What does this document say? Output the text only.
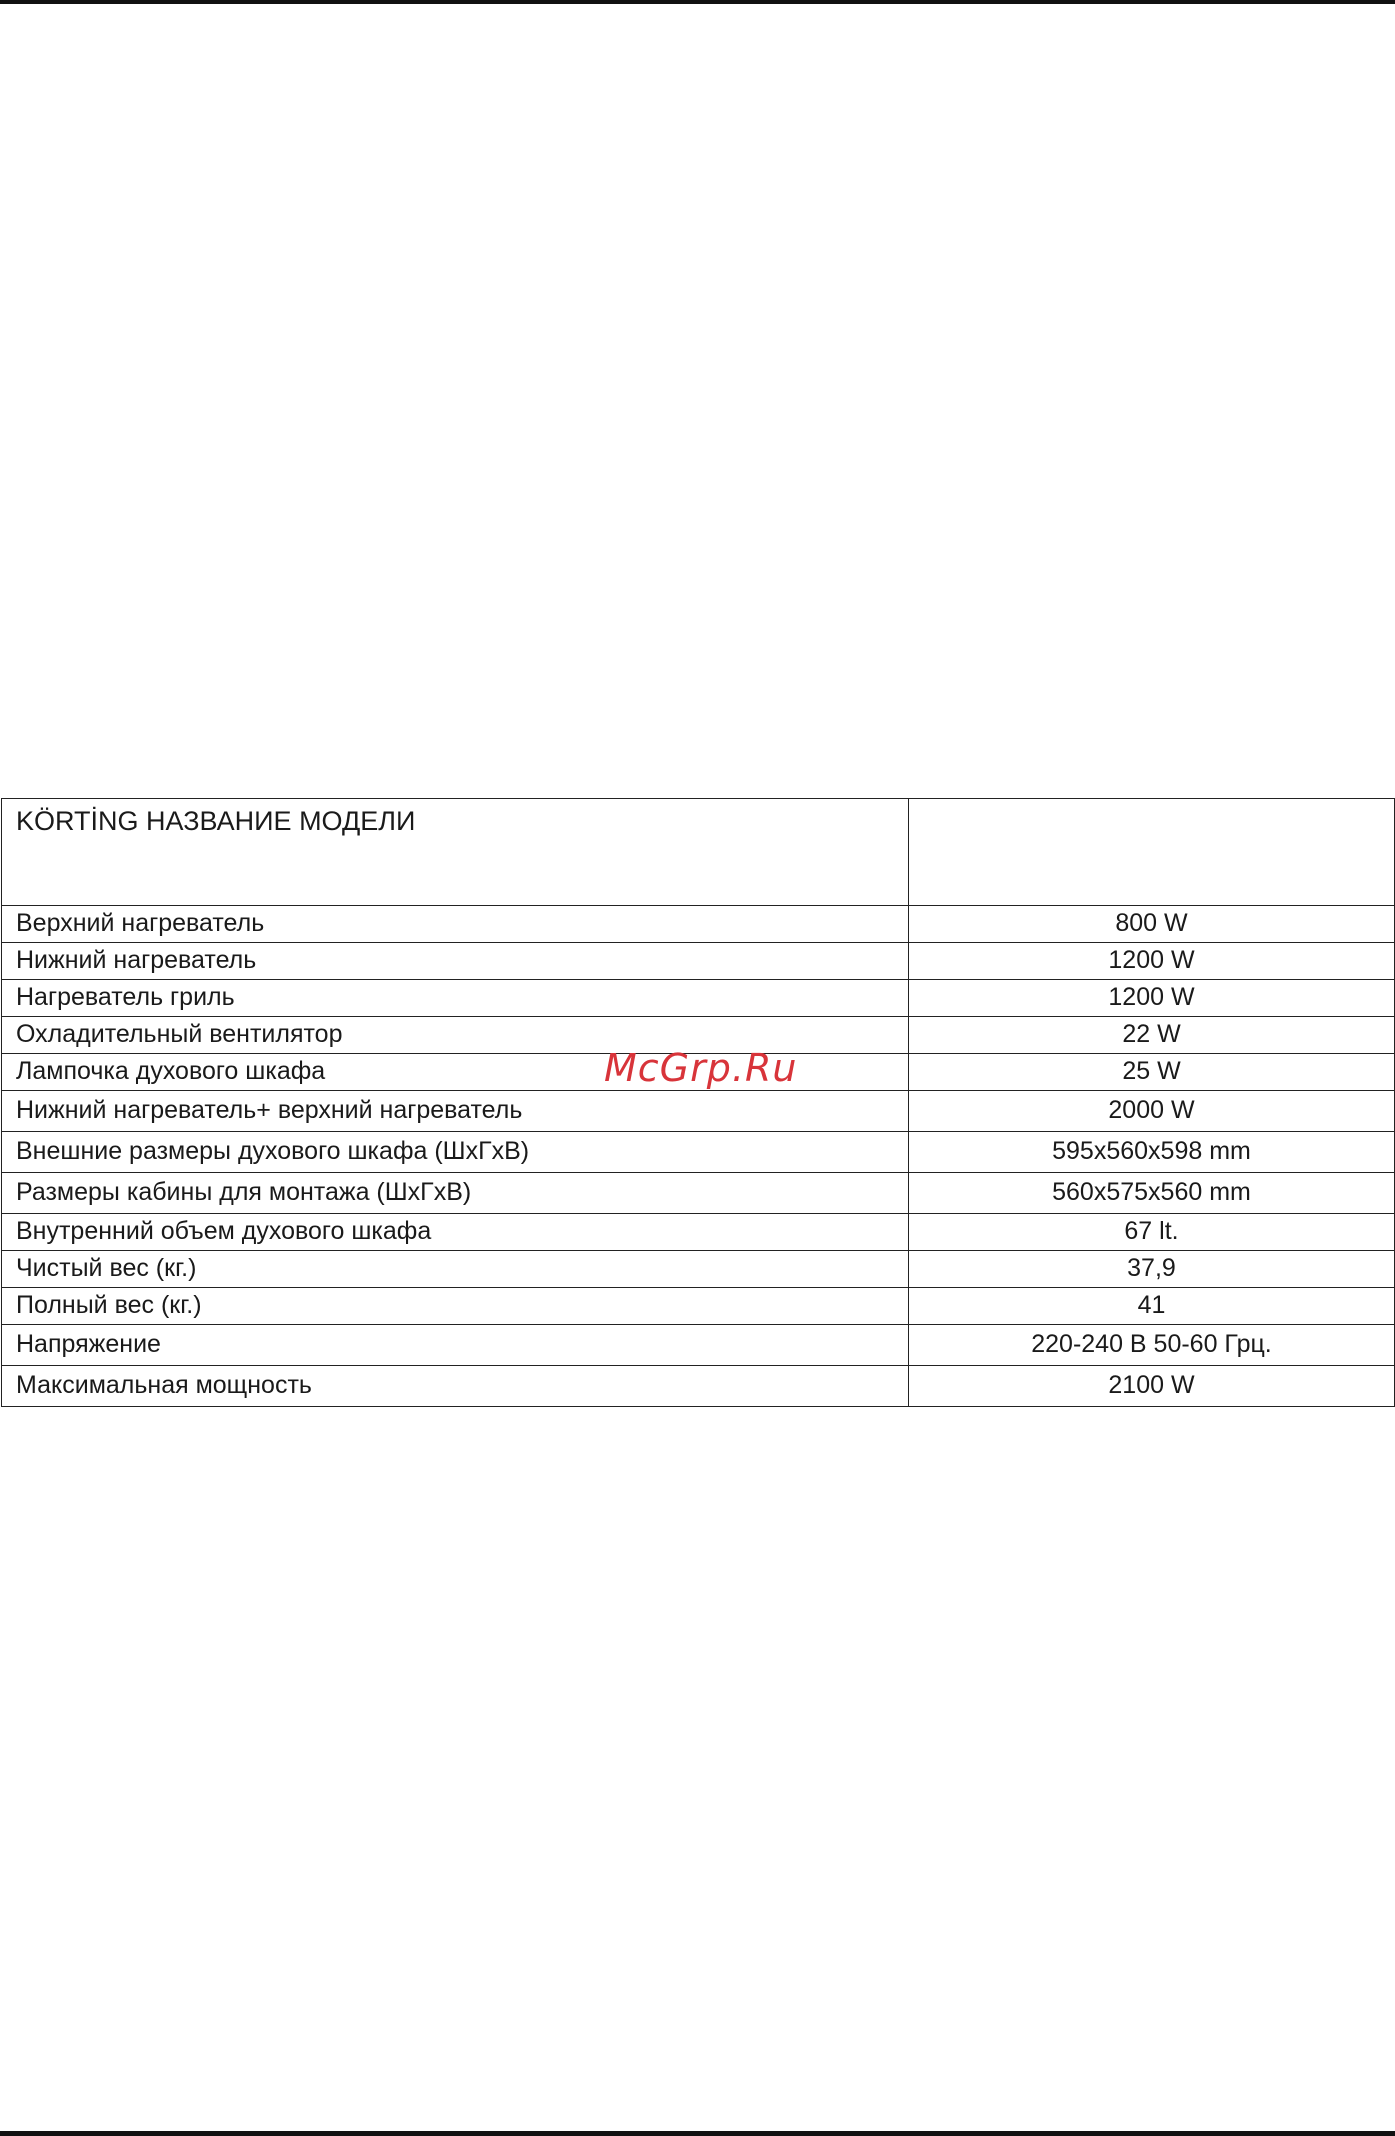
KÖRTİNG НАЗВАНИЕ МОДЕЛИ	
Верхний нагреватель	800 W
Нижний нагреватель	1200 W
Нагреватель гриль	1200 W
Охладительный вентилятор	22 W
Лампочка духового шкафа	25 W
Нижний нагреватель+ верхний нагреватель	2000 W
Внешние размеры духового шкафа (ШхГхВ)	595x560x598 mm
Размеры кабины для монтажа (ШхГхВ)	560x575x560 mm
Внутренний объем духового шкафа	67 lt.
Чистый вес (кг.)	37,9
Полный вес (кг.)	41
Напряжение	220-240 В 50-60 Грц.
Максимальная мощность	2100 W
McGrp.Ru
